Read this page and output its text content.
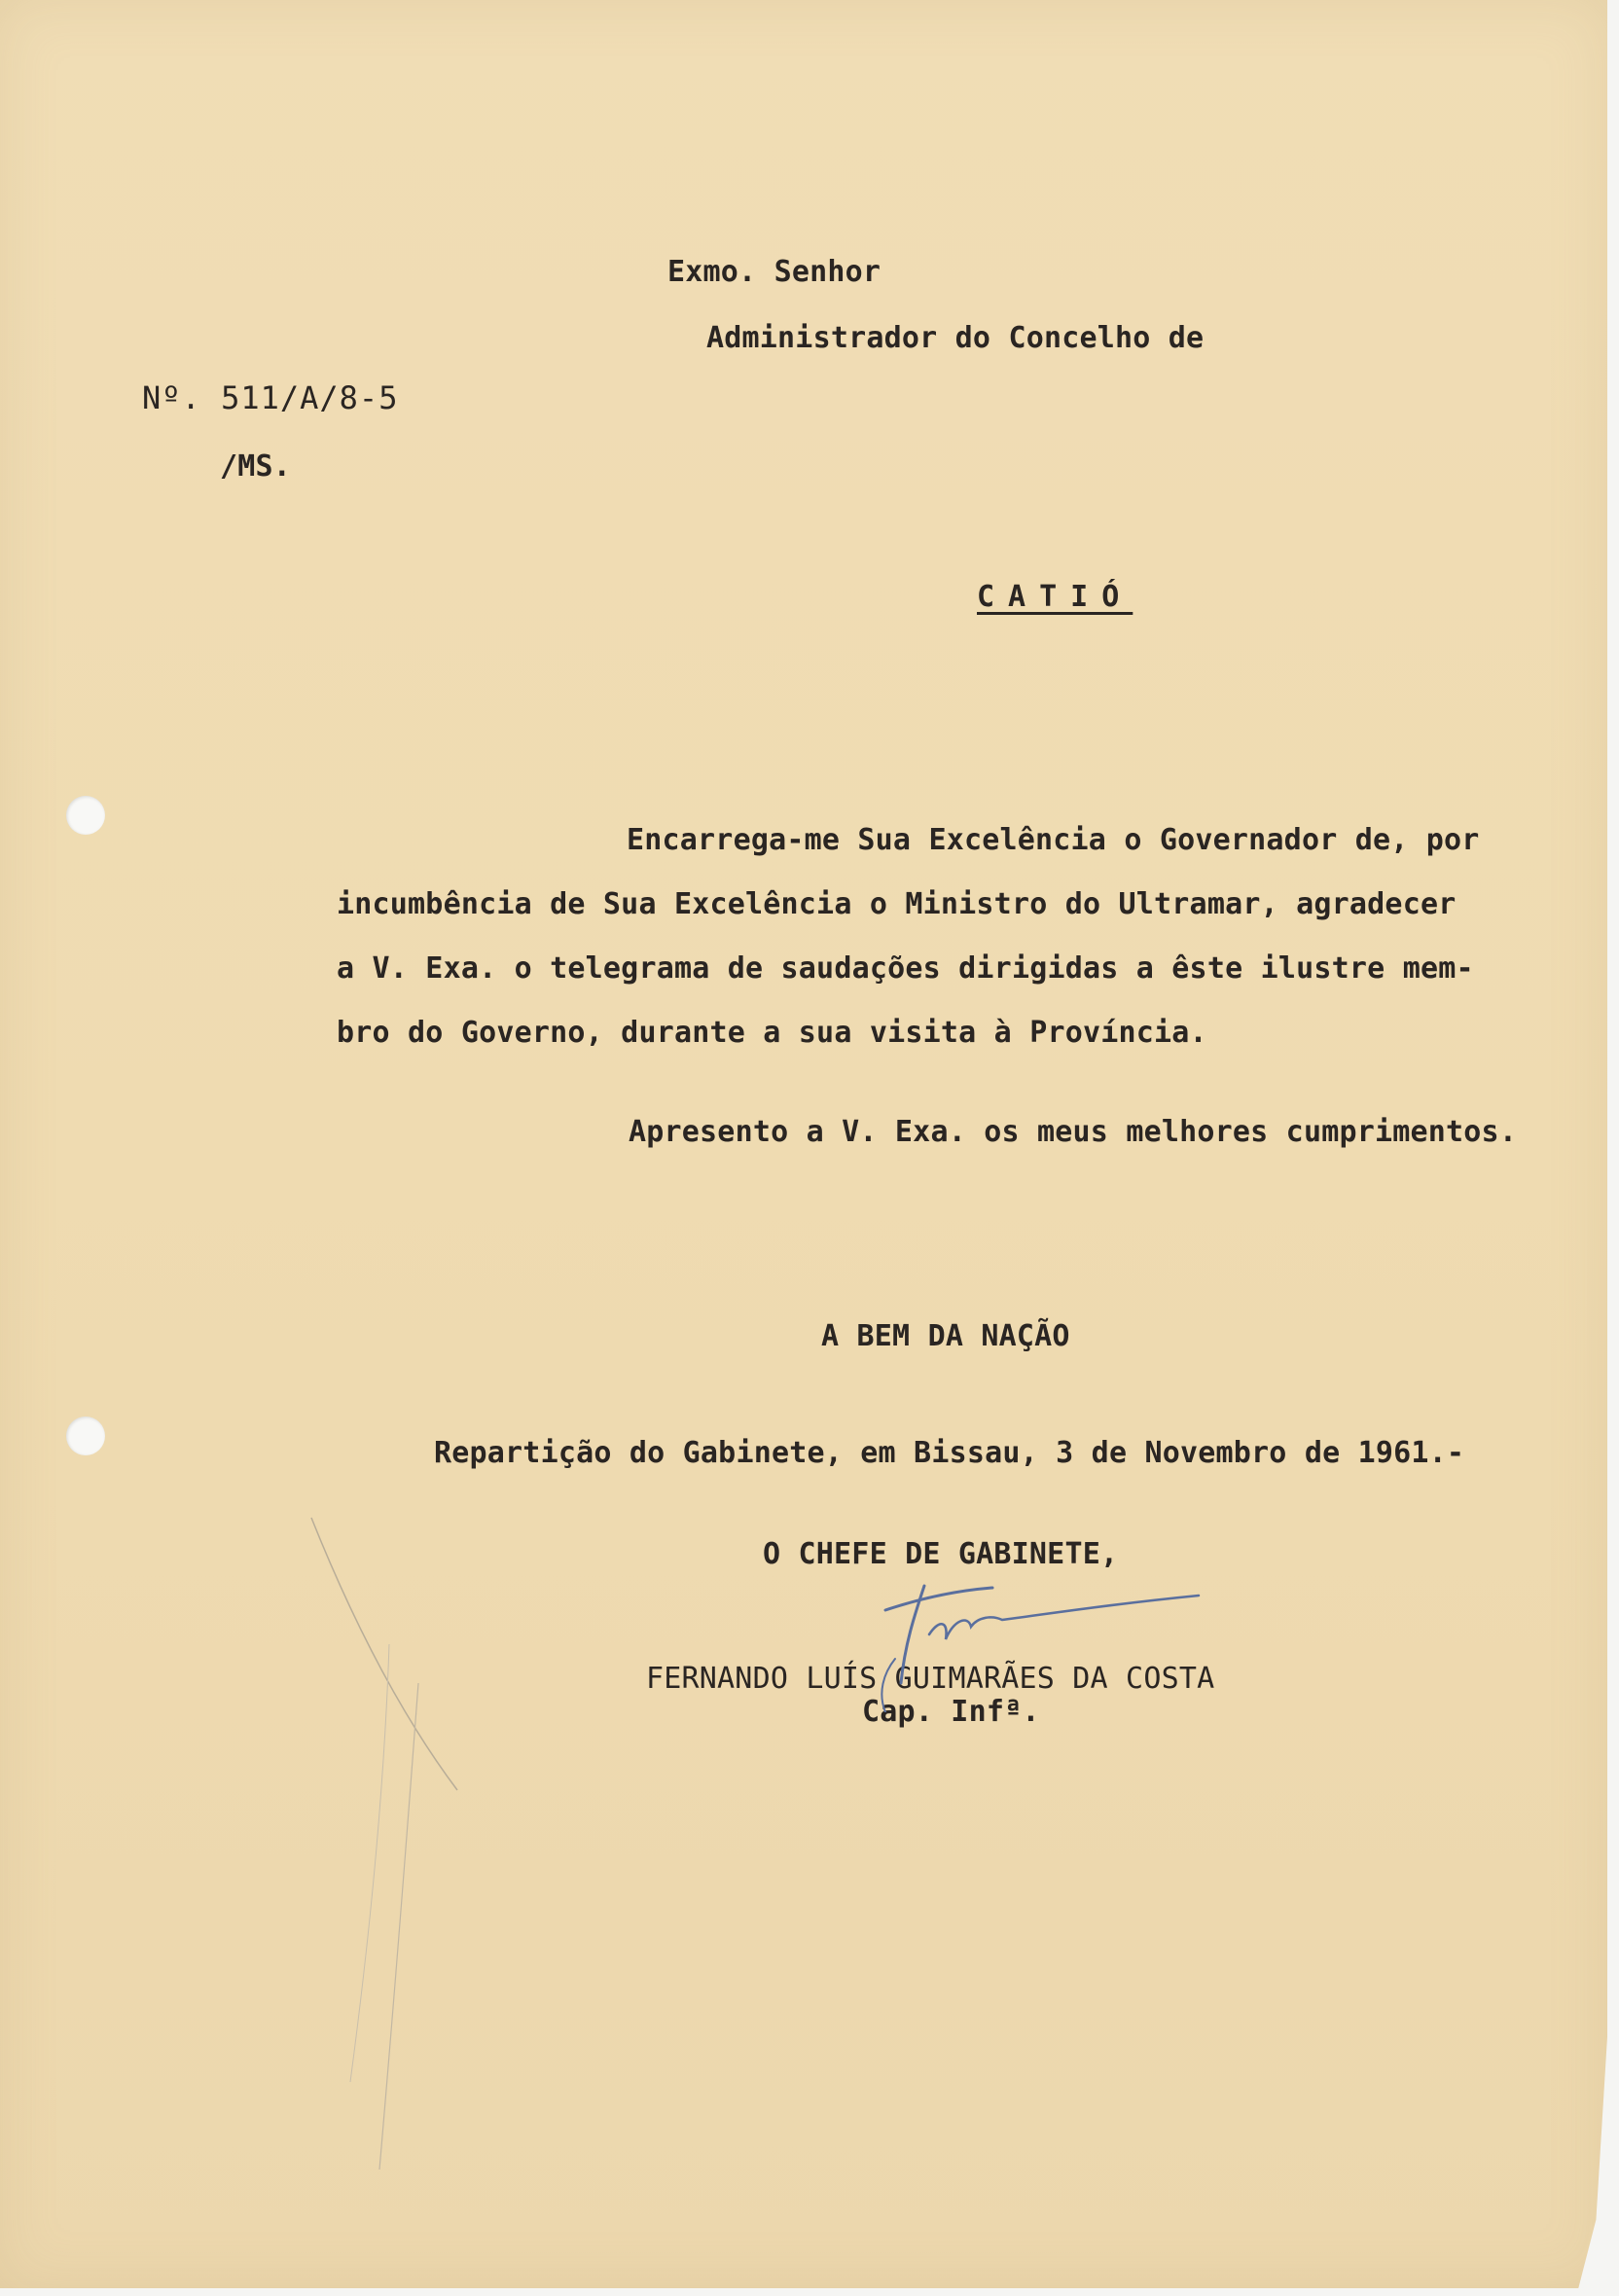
Exmo. Senhor
Administrador do Concelho de
Nº. 511/A/8-5
/MS.
CATIÓ
Encarrega-me Sua Excelência o Governador de, por
incumbência de Sua Excelência o Ministro do Ultramar, agradecer
a V. Exa. o telegrama de saudações dirigidas a êste ilustre mem-
bro do Governo, durante a sua visita à Província.
Apresento a V. Exa. os meus melhores cumprimentos.
A BEM DA NAÇÃO
Repartição do Gabinete, em Bissau, 3 de Novembro de 1961.-
O CHEFE DE GABINETE,
FERNANDO LUÍS GUIMARÃES DA COSTA
Cap. Infª.
